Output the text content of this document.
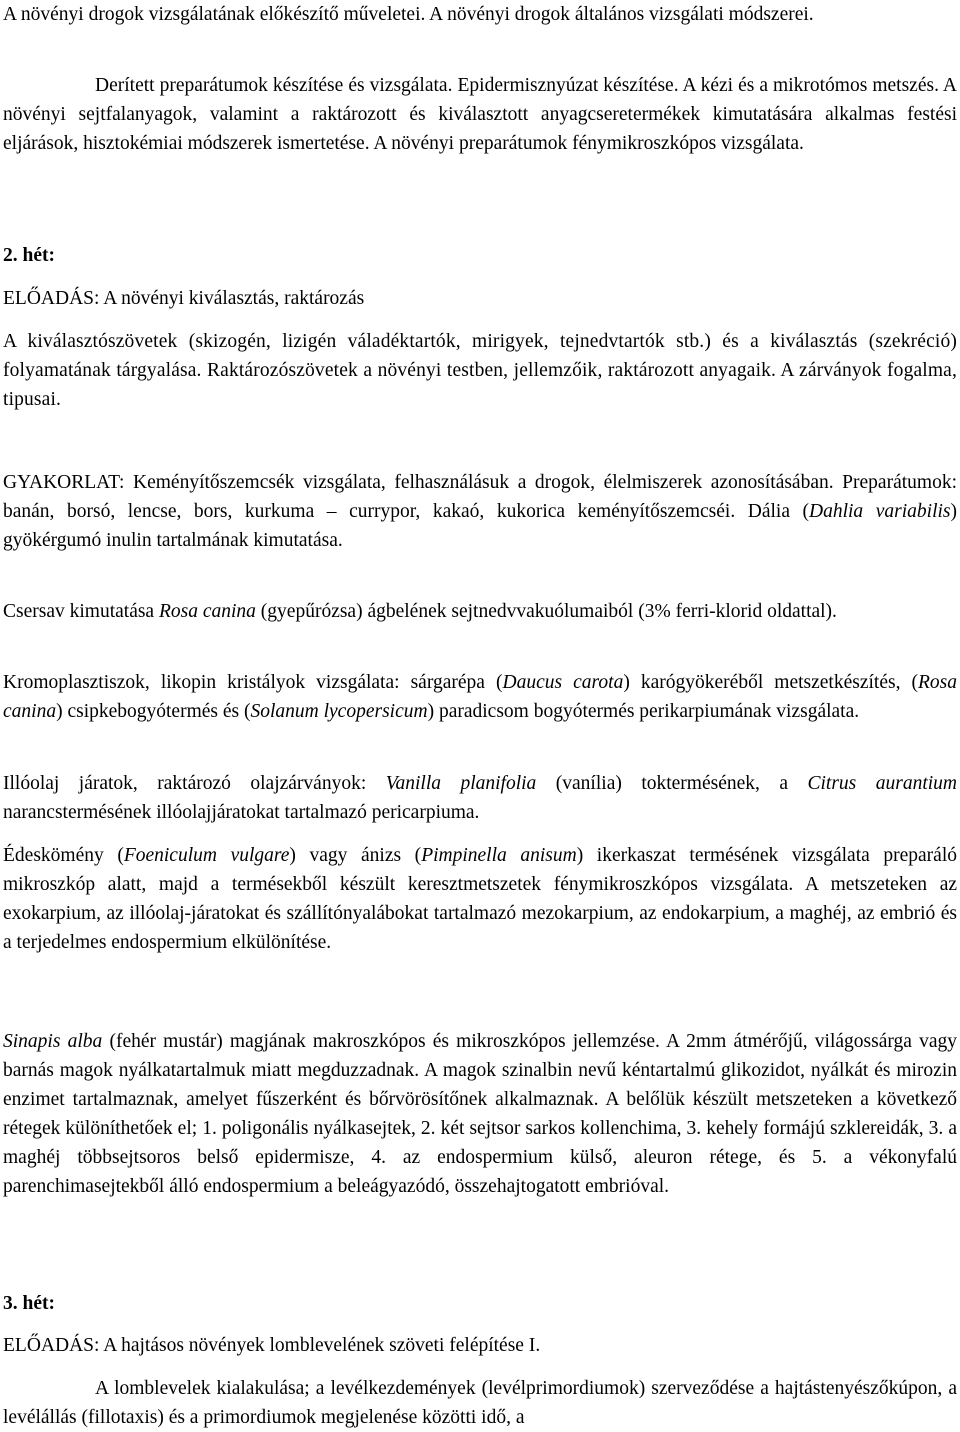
A növényi drogok vizsgálatának előkészítő műveletei. A növényi drogok általános vizsgálati módszerei.

Derített preparátumok készítése és vizsgálata. Epidermisznyúzat készítése. A kézi és a mikrotómos metszés. A növényi sejtfalanyagok, valamint a raktározott és kiválasztott anyagcseretermékek kimutatására alkalmas festési eljárások, hisztokémiai módszerek ismertetése. A növényi preparátumok fénymikroszkópos vizsgálata.

2. hét:

ELŐADÁS: A növényi kiválasztás, raktározás

A kiválasztószövetek (skizogén, lizigén váladéktartók, mirigyek, tejnedvtartók stb.) és a kiválasztás (szekréció) folyamatának tárgyalása. Raktározószövetek a növényi testben, jellemzőik, raktározott anyagaik. A zárványok fogalma, tipusai.

GYAKORLAT: Keményítőszemcsék vizsgálata, felhasználásuk a drogok, élelmiszerek azonosításában. Preparátumok: banán, borsó, lencse, bors, kurkuma – currypor, kakaó, kukorica keményítőszemcséi. Dália (Dahlia variabilis) gyökérgumó inulin tartalmának kimutatása.

Csersav kimutatása Rosa canina (gyepűrózsa) ágbelének sejtnedvvakuólumaiból (3% ferri-klorid oldattal).

Kromoplasztiszok, likopin kristályok vizsgálata: sárgarépa (Daucus carota) karógyökeréből metszetkészítés, (Rosa canina) csipkebogyótermés és (Solanum lycopersicum) paradicsom bogyótermés perikarpiumának vizsgálata.

Illóolaj járatok, raktározó olajzárványok: Vanilla planifolia (vanília) toktermésének, a Citrus aurantium narancstermésének illóolajjáratokat tartalmazó pericarpiuma.

Édeskömény (Foeniculum vulgare) vagy ánizs (Pimpinella anisum) ikerkaszat termésének vizsgálata preparáló mikroszkóp alatt, majd a termésekből készült keresztmetszetek fénymikroszkópos vizsgálata. A metszeteken az exokarpium, az illóolaj-járatokat és szállítónyalábokat tartalmazó mezokarpium, az endokarpium, a maghéj, az embrió és a terjedelmes endospermium elkülönítése.

Sinapis alba (fehér mustár) magjának makroszkópos és mikroszkópos jellemzése. A 2mm átmérőjű, világossárga vagy barnás magok nyálkatartalmuk miatt megduzzadnak. A magok szinalbin nevű kéntartalmú glikozidot, nyálkát és mirozin enzimet tartalmaznak, amelyet fűszerként és bőrvörösítőnek alkalmaznak. A belőlük készült metszeteken a következő rétegek különíthetőek el; 1. poligonális nyálkasejtek, 2. két sejtsor sarkos kollenchima, 3. kehely formájú szklereidák, 3. a maghéj többsejtsoros belső epidermisze, 4. az endospermium külső, aleuron rétege, és 5. a vékonyfalú parenchimasejtekből álló endospermium a beleágyazódó, összehajtogatott embrióval.

3. hét:

ELŐADÁS: A hajtásos növények lomblevelének szöveti felépítése I.

A lomblevelek kialakulása; a levélkezdemények (levélprimordiumok) szerveződése a hajtástenyészőkúpon, a levélállás (fillotaxis) és a primordiumok megjelenése közötti idő, a
